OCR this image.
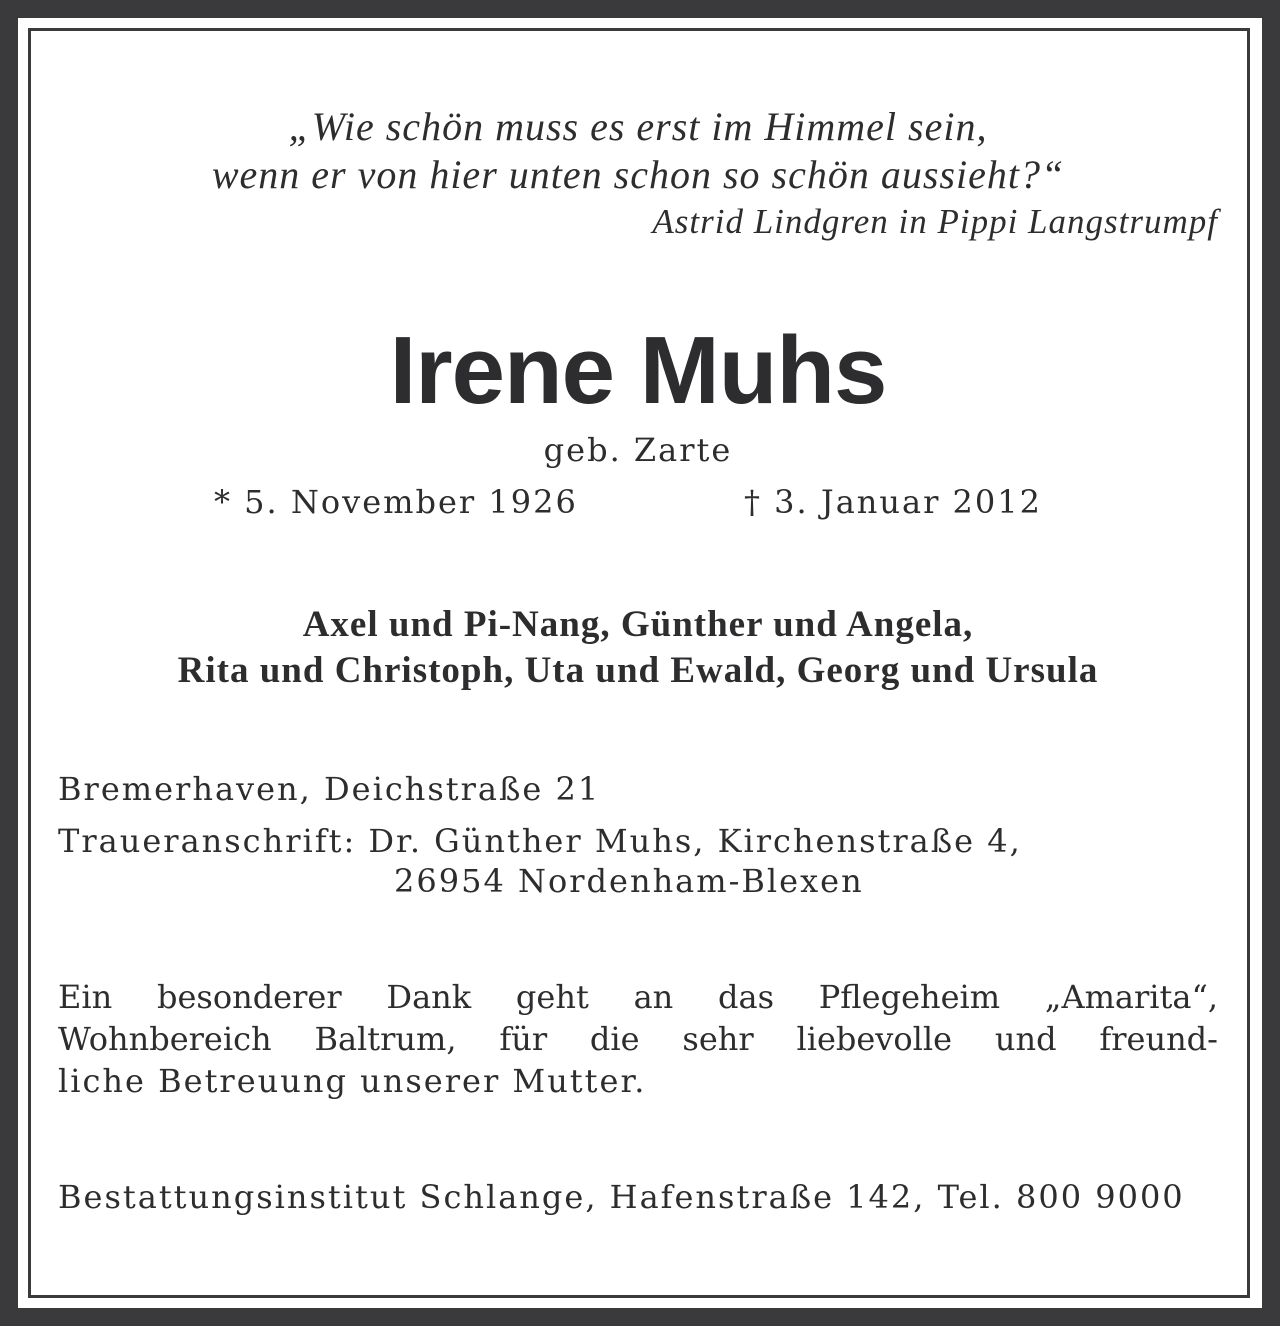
„Wie schön muss es erst im Himmel sein,
wenn er von hier unten schon so schön aussieht?“
Astrid Lindgren in Pippi Langstrumpf
Irene Muhs
geb. Zarte
* 5. November 1926	† 3. Januar 2012
Axel und Pi-Nang, Günther und Angela,
Rita und Christoph, Uta und Ewald, Georg und Ursula
Bremerhaven, Deichstraße 21
Traueranschrift: Dr. Günther Muhs, Kirchenstraße 4,
26954 Nordenham-Blexen
Ein besonderer Dank geht an das Pflegeheim „Amarita“,
Wohnbereich Baltrum, für die sehr liebevolle und freund-
liche Betreuung unserer Mutter.
Bestattungsinstitut Schlange, Hafenstraße 142, Tel. 800 9000
